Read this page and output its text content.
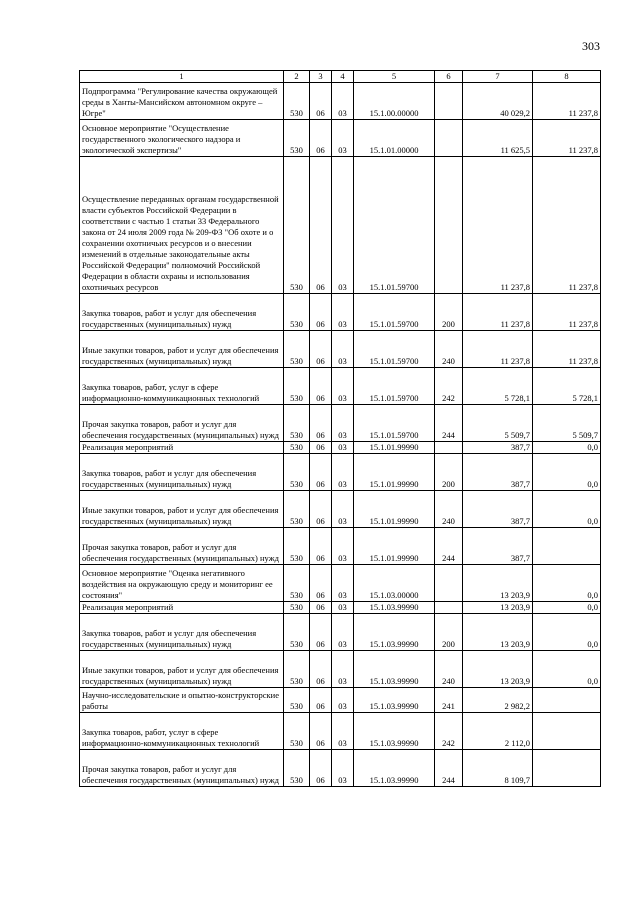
303
1	2	3	4	5	6	7	8
Подпрограмма "Регулирование качества окружающей среды в Ханты-Мансийском автономном округе – Югре"	530	06	03	15.1.00.00000		40 029,2	11 237,8
Основное мероприятие "Осуществление государственного экологического надзора и экологической экспертизы"	530	06	03	15.1.01.00000		11 625,5	11 237,8
Осуществление переданных органам государственной власти субъектов Российской Федерации в соответствии с частью 1 статьи 33 Федерального закона от 24 июля 2009 года № 209-ФЗ "Об охоте и о сохранении охотничьих ресурсов и о внесении изменений в отдельные законодательные акты Российской Федерации" полномочий Российской Федерации в области охраны и использования охотничьих ресурсов	530	06	03	15.1.01.59700		11 237,8	11 237,8
Закупка товаров, работ и услуг для обеспечения государственных (муниципальных) нужд	530	06	03	15.1.01.59700	200	11 237,8	11 237,8
Иные закупки товаров, работ и услуг для обеспечения государственных (муниципальных) нужд	530	06	03	15.1.01.59700	240	11 237,8	11 237,8
Закупка товаров, работ, услуг в сфере информационно-коммуникационных технологий	530	06	03	15.1.01.59700	242	5 728,1	5 728,1
Прочая закупка товаров, работ и услуг для обеспечения государственных (муниципальных) нужд	530	06	03	15.1.01.59700	244	5 509,7	5 509,7
Реализация мероприятий	530	06	03	15.1.01.99990		387,7	0,0
Закупка товаров, работ и услуг для обеспечения государственных (муниципальных) нужд	530	06	03	15.1.01.99990	200	387,7	0,0
Иные закупки товаров, работ и услуг для обеспечения государственных (муниципальных) нужд	530	06	03	15.1.01.99990	240	387,7	0,0
Прочая закупка товаров, работ и услуг для обеспечения государственных (муниципальных) нужд	530	06	03	15.1.01.99990	244	387,7	
Основное мероприятие "Оценка негативного воздействия на окружающую среду и мониторинг ее состояния"	530	06	03	15.1.03.00000		13 203,9	0,0
Реализация мероприятий	530	06	03	15.1.03.99990		13 203,9	0,0
Закупка товаров, работ и услуг для обеспечения государственных (муниципальных) нужд	530	06	03	15.1.03.99990	200	13 203,9	0,0
Иные закупки товаров, работ и услуг для обеспечения государственных (муниципальных) нужд	530	06	03	15.1.03.99990	240	13 203,9	0,0
Научно-исследовательские и опытно-конструкторские работы	530	06	03	15.1.03.99990	241	2 982,2	
Закупка товаров, работ, услуг в сфере информационно-коммуникационных технологий	530	06	03	15.1.03.99990	242	2 112,0	
Прочая закупка товаров, работ и услуг для обеспечения государственных (муниципальных) нужд	530	06	03	15.1.03.99990	244	8 109,7	
